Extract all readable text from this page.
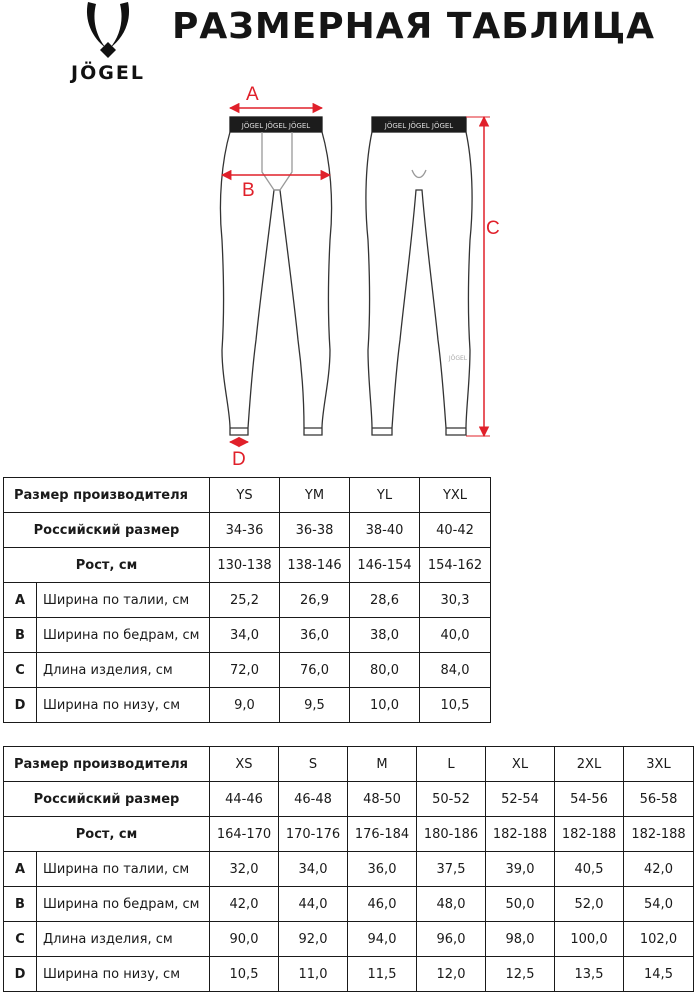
JÖGEL
РАЗМЕРНАЯ ТАБЛИЦА
JÖGEL JÖGEL JÖGEL	JÖGEL JÖGEL JÖGEL
JÖGEL
A
B
C
D
Размер производителя		YS	YM	YL	YXL
Российский размер		34-36	36-38	38-40	40-42
Рост, см		130-138	138-146	146-154	154-162
A	Ширина по талии, см	25,2	26,9	28,6	30,3
B	Ширина по бедрам, см	34,0	36,0	38,0	40,0
C	Длина изделия, см	72,0	76,0	80,0	84,0
D	Ширина по низу, см	9,0	9,5	10,0	10,5
Размер производителя		XS	S	M	L	XL	2XL	3XL
Российский размер		44-46	46-48	48-50	50-52	52-54	54-56	56-58
Рост, см		164-170	170-176	176-184	180-186	182-188	182-188	182-188
A	Ширина по талии, см	32,0	34,0	36,0	37,5	39,0	40,5	42,0
B	Ширина по бедрам, см	42,0	44,0	46,0	48,0	50,0	52,0	54,0
C	Длина изделия, см	90,0	92,0	94,0	96,0	98,0	100,0	102,0
D	Ширина по низу, см	10,5	11,0	11,5	12,0	12,5	13,5	14,5
